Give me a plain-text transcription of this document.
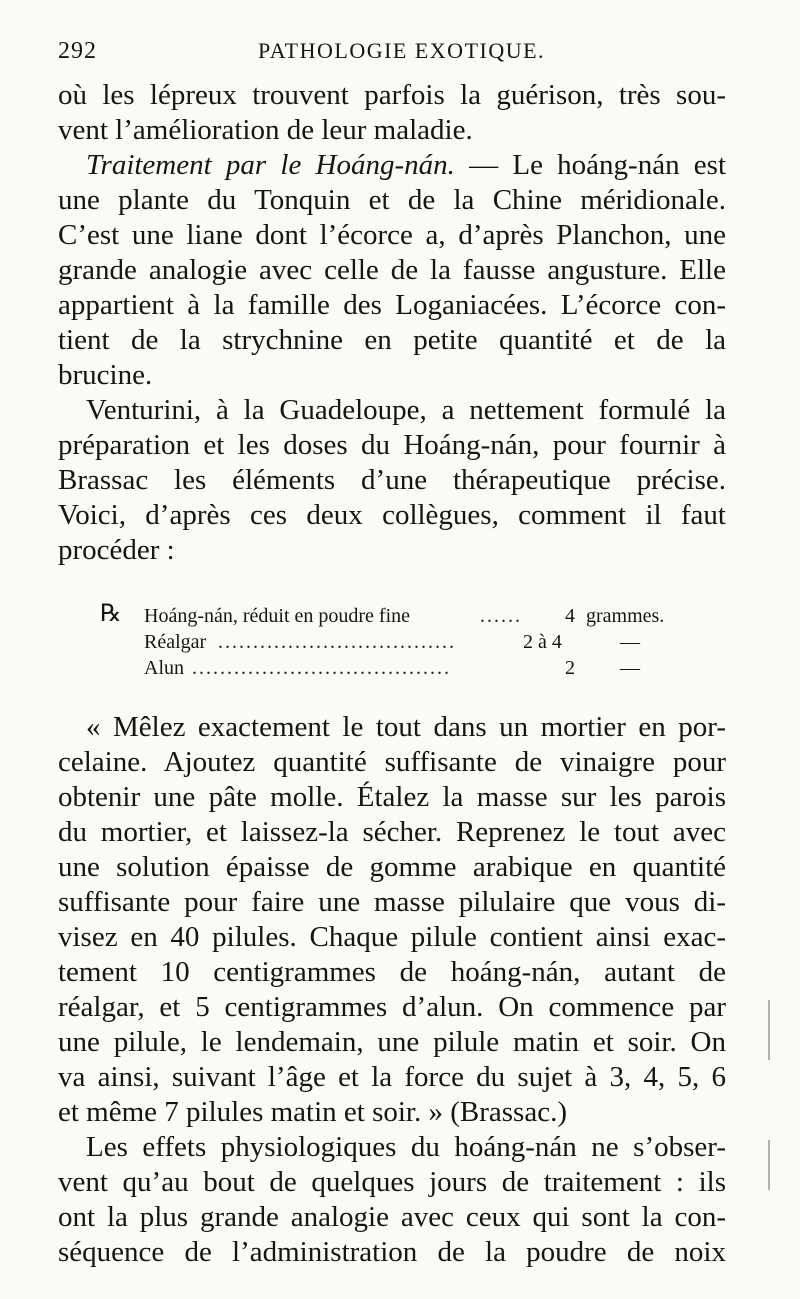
292	PATHOLOGIE EXOTIQUE.
où les lépreux trouvent parfois la guérison, très sou-
vent l’amélioration de leur maladie.
Traitement par le Hoáng-nán. — Le hoáng-nán est
une plante du Tonquin et de la Chine méridionale.
C’est une liane dont l’écorce a, d’après Planchon, une
grande analogie avec celle de la fausse angusture. Elle
appartient à la famille des Loganiacées. L’écorce con-
tient de la strychnine en petite quantité et de la
brucine.
Venturini, à la Guadeloupe, a nettement formulé la
préparation et les doses du Hoáng-nán, pour fournir à
Brassac les éléments d’une thérapeutique précise.
Voici, d’après ces deux collègues, comment il faut
procéder :
℞ Hoáng-nán, réduit en poudre fine	......	4 grammes.
Réalgar ..................................	2 à 4	—
Alun .....................................	2 —
« Mêlez exactement le tout dans un mortier en por-
celaine. Ajoutez quantité suffisante de vinaigre pour
obtenir une pâte molle. Étalez la masse sur les parois
du mortier, et laissez-la sécher. Reprenez le tout avec
une solution épaisse de gomme arabique en quantité
suffisante pour faire une masse pilulaire que vous di-
visez en 40 pilules. Chaque pilule contient ainsi exac-
tement 10 centigrammes de hoáng-nán, autant de
réalgar, et 5 centigrammes d’alun. On commence par
une pilule, le lendemain, une pilule matin et soir. On
va ainsi, suivant l’âge et la force du sujet à 3, 4, 5, 6
et même 7 pilules matin et soir. » (Brassac.)
Les effets physiologiques du hoáng-nán ne s’obser-
vent qu’au bout de quelques jours de traitement : ils
ont la plus grande analogie avec ceux qui sont la con-
séquence de l’administration de la poudre de noix
